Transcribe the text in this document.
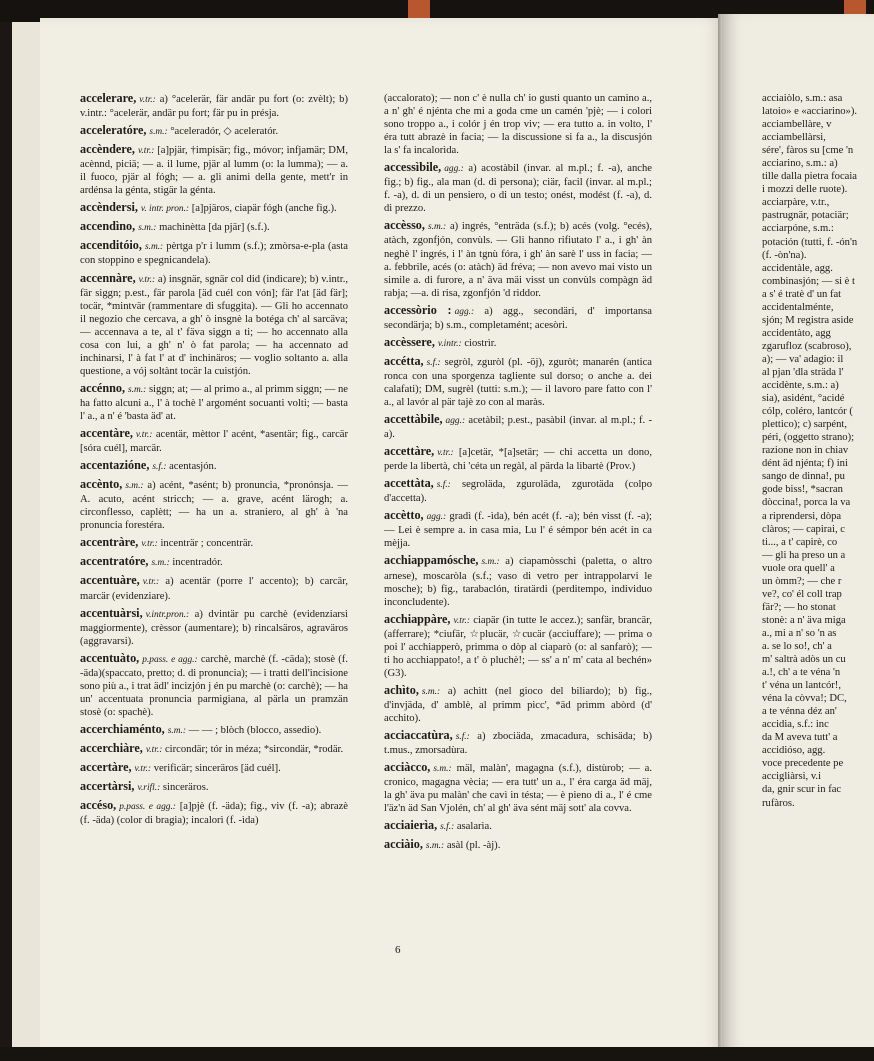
accelerare, v.tr.: a) °acelerär, fär andär pu fort (o: zvèlt); b) v.intr.: °acelerär, andär pu fort; fär pu in présja.

acceleratóre, s.m.: °aceleradór, ◇ aceleratór.

accèndere, v.tr.: [a]pjär, †impisär; fig., móvor; infjamär; DM, acènnd, piciä; — a. il lume, pjär al lumm (o: la lumma); — a. il fuoco, pjär al fógh; — a. gli animi della gente, mett'r in ardénsa la génta, stigär la génta.

accèndersi, v. intr. pron.: [a]pjäros, ciapär fógh (anche fig.).

accendìno, s.m.: machinètta [da pjär] (s.f.).

accenditóio, s.m.: pèrtga p'r i lumm (s.f.); zmòrsa-e-pla (asta con stoppino e spegnicandela).

accennàre, v.tr.: a) insgnär, sgnär col did (indicare); b) v.intr., fär siggn; p.est., fär parola [äd cuél con vón]; fär l'at [äd fär]; tocär, *mintvär (rammentare di sfuggita). — Gli ho accennato il negozio che cercava, a gh' ò insgnè la botéga ch' al sarcäva; — accennava a te, al t' fäva siggn a ti; — ho accennato alla cosa con lui, a gh' n' ò fat parola; — ha accennato ad inchinarsi, l' à fat l' at d' inchinäros; — voglio soltanto a. alla questione, a vój soltànt tocär la cuistjón.

accénno, s.m.: siggn; at; — al primo a., al primm siggn; — ne ha fatto alcuni a., l' à tochè l' argomént socuanti volti; — basta l' a., a n' é 'basta äd' at.

accentàre, v.tr.: acentär, mèttor l' acént, *asentär; fig., carcär [sóra cuél], marcär.

accentazióne, s.f.: acentasjón.

accènto, s.m.: a) acént, *asént; b) pronuncia, *pronónsja. — A. acuto, acént stricch; — a. grave, acént lärogh; a. circonflesso, caplètt; — ha un a. straniero, al gh' à 'na pronuncia forestéra.

accentràre, v.tr.: incenträr ; concenträr.

accentratóre, s.m.: incentradór.

accentuàre, v.tr.: a) acentär (porre l' accento); b) carcär, marcär (evidenziare).

accentuàrsi, v.intr.pron.: a) dvintär pu carchè (evidenziarsi maggiormente), crèssor (aumentare); b) rincalsäros, agraväros (aggravarsi).

accentuàto, p.pass. e agg.: carchè, marchè (f. -cäda); stosè (f. -äda)(spaccato, pretto; d. di pronuncia); — i tratti dell'incisione sono più a., i trat ädl' incizjón j én pu marchè (o: carchè); — ha un' accentuata pronuncia parmigiana, al pärla un pramzän stosè (o: spachè).

accerchiaménto, s.m.: — — ; blòch (blocco, assedio).

accerchiàre, v.tr.: circondär; tór in méza; *sircondär, *rodär.

accertàre, v.tr.: verificär; sinceräros [äd cuél].

accertàrsi, v.rifl.: sinceräros.

accéso, p.pass. e agg.: [a]pjè (f. -äda); fig., viv (f. -a); abrazè (f. -äda) (color di bragia); incalorì (f. -ìda)

(accalorato); — non c' è nulla ch' io gusti quanto un camino a., a n' gh' é njénta che mi a goda cme un camén 'pjè; — i colori sono troppo a., i colór j én trop viv; — era tutto a. in volto, l' éra tutt abrazè in facia; — la discussione si fa a., la discusjón la s' fa incalorìda.

accessìbile, agg.: a) acostàbil (invar. al m.pl.; f. -a), anche fig.; b) fig., ala man (d. di persona); ciär, facil (invar. al m.pl.; f. -a), d. di un pensiero, o di un testo; onést, modést (f. -a), d. di prezzo.

accèsso, s.m.: a) ingrés, °enträda (s.f.); b) acés (volg. °ecés), atàch, zgonfjón, convùls. — Gli hanno rifiutato l' a., i gh' àn neghè l' ingrés, i l' àn tgnù fóra, i gh' àn sarè l' uss in facia; — a. febbrile, acés (o: atàch) äd fréva; — non avevo mai visto un simile a. di furore, a n' äva mäi visst un convùls compàgn äd rabja; —a. di risa, zgonfjón 'd riddor.

accessòrio : agg.: a) agg., secondäri, d' importansa secondärja; b) s.m., completamént; acesòri.

accèssere, v.intr.: ciostrìr.

accétta, s.f.: segròl, zguròl (pl. -öj), zguròt; manarén (antica ronca con una sporgenza tagliente sul dorso; o anche a. dei calafati); DM, sugrèl (tutti: s.m.); — il lavoro pare fatto con l' a., al lavór al pär tajè zo con al maràs.

accettàbile, agg.: acetàbil; p.est., pasàbil (invar. al m.pl.; f. -a).

accettàre, v.tr.: [a]cetär, *[a]setär; — chi accetta un dono, perde la libertà, chi 'céta un regàl, al pärda la libartè (Prov.)

accettàta, s.f.: segroläda, zguroläda, zgurotäda (colpo d'accetta).

accètto, agg.: gradì (f. -ìda), bén acét (f. -a); bén visst (f. -a); — Lei è sempre a. in casa mia, Lu l' é sémpor bén acét in ca mèjja.

acchiappamósche, s.m.: a) ciapamòsschi (paletta, o altro arnese), moscaròla (s.f.; vaso di vetro per intrappolarvi le mosche); b) fig., tarabaclón, tiratärdi (perditempo, individuo inconcludente).

acchiappàre, v.tr.: ciapär (in tutte le accez.); sanfär, brancär, (afferrare); *ciufär, ☆plucär, ☆cucär (acciuffare); — prima o poi l' acchiapperò, primma o dòp al ciaparò (o: al sanfarò); — ti ho acchiappato!, a t' ò pluchè!; — ss' a n' m' cata al bechén» (G3).

achìto, s.m.: a) achìtt (nel gioco del biliardo); b) fig., d'invjäda, d' amblè, al primm picc', *äd primm abòrd (d' acchito).

acciaccatùra, s.f.: a) zbociäda, zmacadura, schisäda; b) t.mus., zmorsadùra.

acciàcco, s.m.: mäl, malàn', magagna (s.f.), distùrob; — a. cronico, magagna vècia; — era tutt' un a., l' éra carga äd mäj, la gh' äva pu malàn' che cavì in tésta; — è pieno di a., l' é cme l'äz'n äd San Vjolén, ch' al gh' äva sént mäj sott' ala covva.

acciaierìa, s.f.: asalarìa.

acciàio, s.m.: asàl (pl. -àj).

acciaiòlo, s.m.: asa
latoio» e «acciarino»).
acciambellàre, v
acciambellàrsi,
sére', fàros su [cme 'n
acciarino, s.m.: a)
tille dalla pietra focaia
i mozzi delle ruote).
acciarpàre, v.tr.,
pastrugnär, potaciär;
acciarpóne, s.m.:
potación (tutti, f. -ón'n
(f. -òn'na).
accidentàle, agg.
combinasjón; — si è t
a s' é tratè d' un fat
accidentalménte,
sjón; M registra aside
accidentàto, agg
zgarufloz (scabroso),
a); — va' adagio: il
al pjan 'dla sträda l'
accidènte, s.m.: a)
sia), asidént, °acidé
cólp, coléro, lantcór (
plettico); c) sarpént,
péri, (oggetto strano);
razione non in chiav
dént äd njénta; f) ini
sango de dinna!, pu
gode biss!, *sacran
dòccina!, porca la va
a riprendersi, dòpa
clàros; — capirai, c
ti..., a t' capirè, co
— gli ha preso un a
vuole ora quell' a
un òmm?; — che r
ve?, co' él coll trap
fär?; — ho stonat
stonè: a n' äva miga
a., mi a n' so 'n as
a. se lo so!, ch' a
m' saltrà adòs un cu
a.!, ch' a te véna 'n
t' véna un lantcór!,
véna la còvva!; DC,
a te vénna déz an'
accidia, s.f.: inc
da M aveva tutt' a
accidióso, agg.
voce precedente pe
accigliàrsi, v.i
da, gnir scur in fac
rufàros.
6
